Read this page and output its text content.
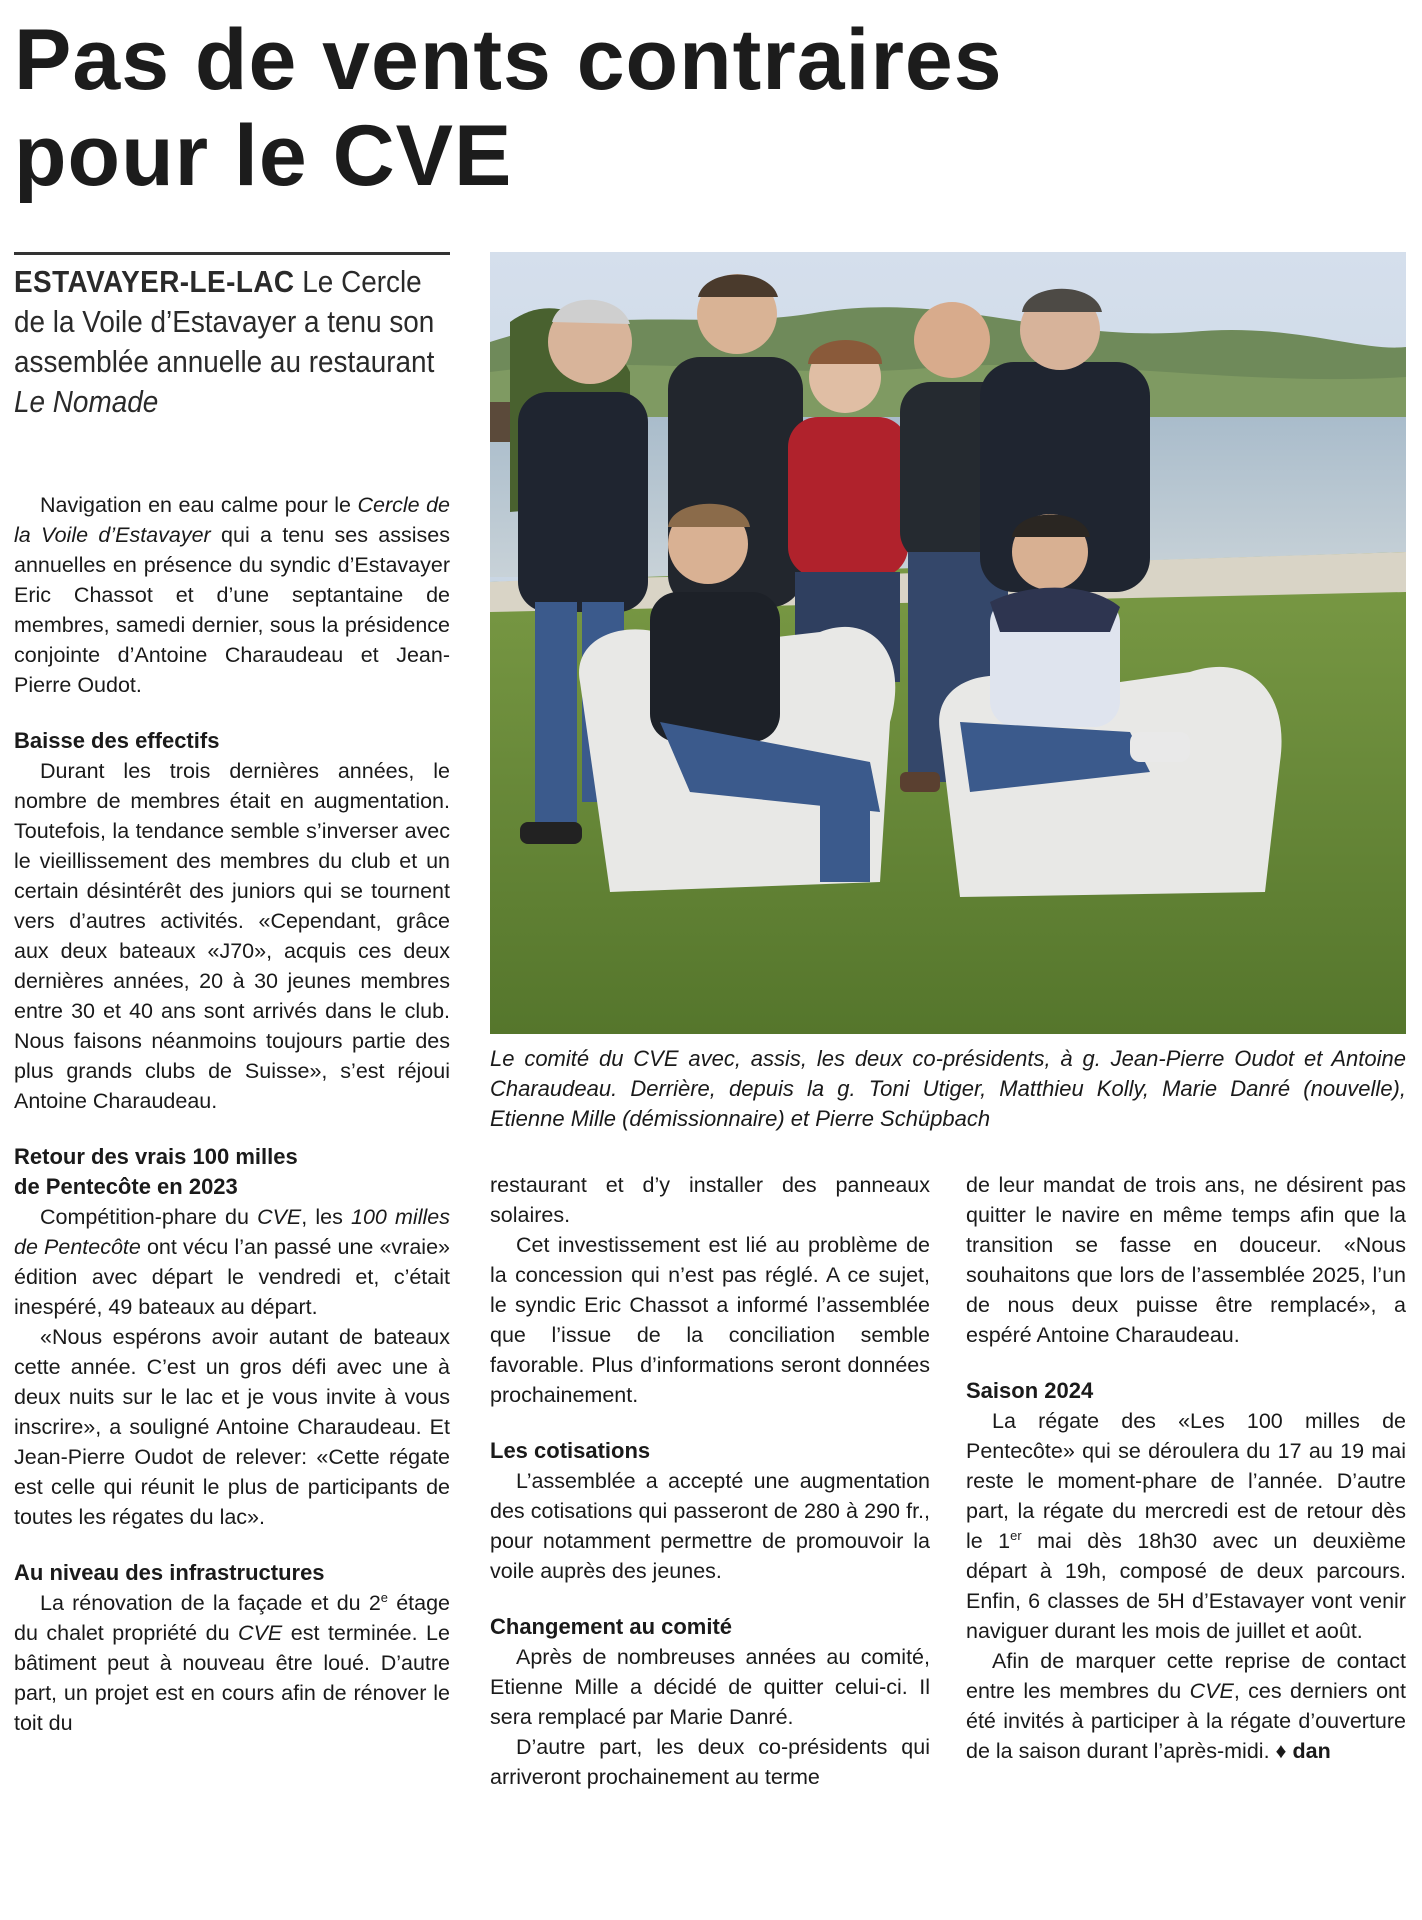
Pas de vents contraires
pour le CVE
ESTAVAYER-LE-LAC Le Cercle de la Voile d’Estavayer a tenu son assemblée annuelle au restaurant Le Nomade

Navigation en eau calme pour le Cercle de la Voile d’Estavayer qui a tenu ses assises annuelles en présence du syndic d’Estavayer Eric Chassot et d’une septantaine de membres, samedi dernier, sous la présidence conjointe d’Antoine Charaudeau et Jean-Pierre Oudot.

Baisse des effectifs

Durant les trois dernières années, le nombre de membres était en augmentation. Toutefois, la tendance semble s’inverser avec le vieillissement des membres du club et un certain désintérêt des juniors qui se tournent vers d’autres activités. «Cependant, grâce aux deux bateaux «J70», acquis ces deux dernières années, 20 à 30 jeunes membres entre 30 et 40 ans sont arrivés dans le club. Nous faisons néanmoins toujours partie des plus grands clubs de Suisse», s’est réjoui Antoine Charaudeau.

Retour des vrais 100 milles
de Pentecôte en 2023

Compétition-phare du CVE, les 100 milles de Pentecôte ont vécu l’an passé une «vraie» édition avec départ le vendredi et, c’était inespéré, 49 bateaux au départ.

«Nous espérons avoir autant de bateaux cette année. C’est un gros défi avec une à deux nuits sur le lac et je vous invite à vous inscrire», a souligné Antoine Charaudeau. Et Jean-Pierre Oudot de relever: «Cette régate est celle qui réunit le plus de participants de toutes les régates du lac».

Au niveau des infrastructures

La rénovation de la façade et du 2e étage du chalet propriété du CVE est terminée. Le bâtiment peut à nouveau être loué. D’autre part, un projet est en cours afin de rénover le toit du

Le comité du CVE avec, assis, les deux co-présidents, à g. Jean-Pierre Oudot et Antoine Charaudeau. Derrière, depuis la g. Toni Utiger, Matthieu Kolly, Marie Danré (nouvelle), Etienne Mille (démissionnaire) et Pierre Schüpbach

restaurant et d’y installer des panneaux solaires.

Cet investissement est lié au problème de la concession qui n’est pas réglé. A ce sujet, le syndic Eric Chassot a informé l’assemblée que l’issue de la conciliation semble favorable. Plus d’informations seront données prochainement.

Les cotisations

L’assemblée a accepté une augmentation des cotisations qui passeront de 280 à 290 fr., pour notamment permettre de promouvoir la voile auprès des jeunes.

Changement au comité

Après de nombreuses années au comité, Etienne Mille a décidé de quitter celui-ci. Il sera remplacé par Marie Danré.

D’autre part, les deux co-présidents qui arriveront prochainement au terme

de leur mandat de trois ans, ne désirent pas quitter le navire en même temps afin que la transition se fasse en douceur. «Nous souhaitons que lors de l’assemblée 2025, l’un de nous deux puisse être remplacé», a espéré Antoine Charaudeau.

Saison 2024

La régate des «Les 100 milles de Pentecôte» qui se déroulera du 17 au 19 mai reste le moment-phare de l’année. D’autre part, la régate du mercredi est de retour dès le 1er mai dès 18h30 avec un deuxième départ à 19h, composé de deux parcours. Enfin, 6 classes de 5H d’Estavayer vont venir naviguer durant les mois de juillet et août.

Afin de marquer cette reprise de contact entre les membres du CVE, ces derniers ont été invités à participer à la régate d’ouverture de la saison durant l’après-midi. ♦ dan
